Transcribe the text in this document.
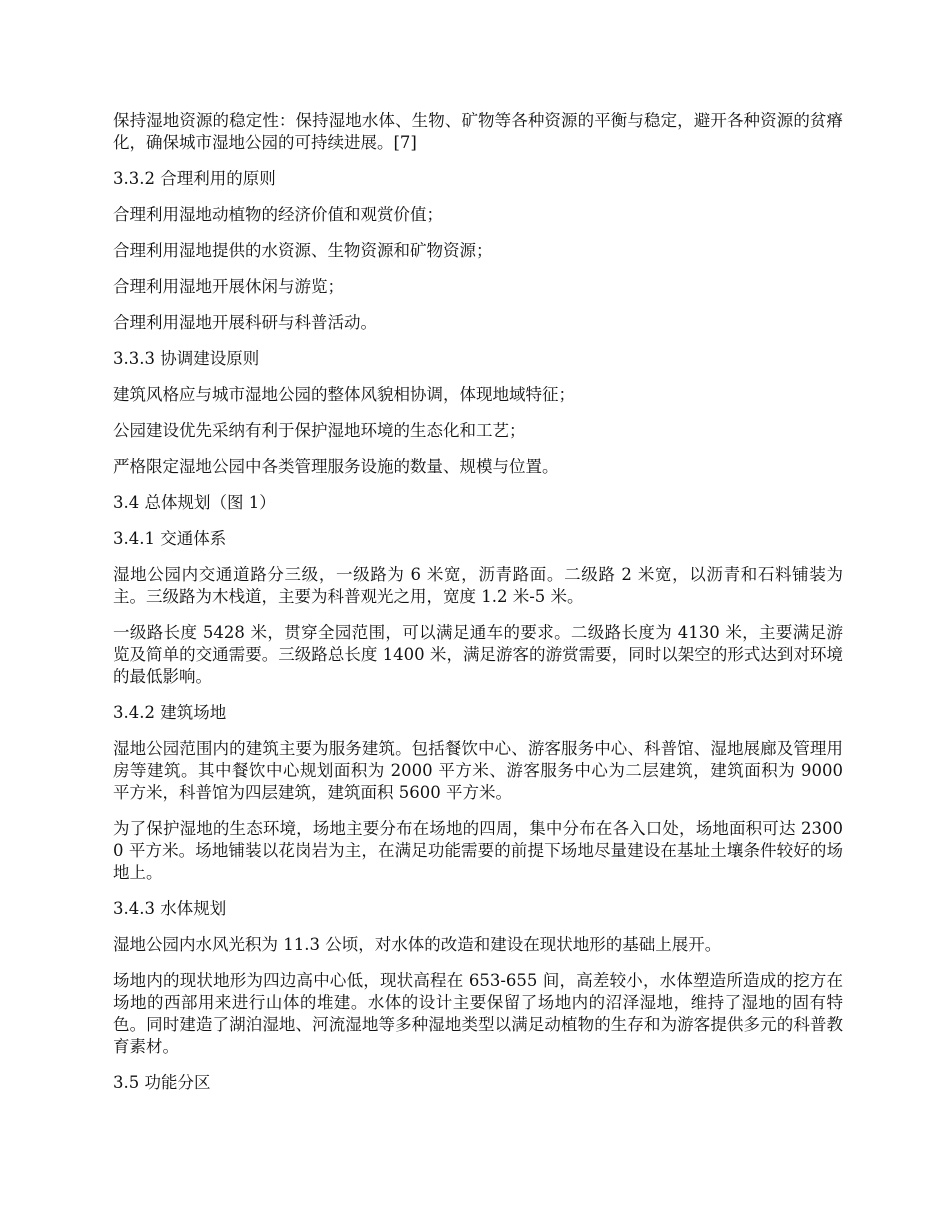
保持湿地资源的稳定性：保持湿地水体、生物、矿物等各种资源的平衡与稳定，避开各种资源的贫瘠化，确保城市湿地公园的可持续进展。[7]

3.3.2 合理利用的原则

合理利用湿地动植物的经济价值和观赏价值；

合理利用湿地提供的水资源、生物资源和矿物资源；

合理利用湿地开展休闲与游览；

合理利用湿地开展科研与科普活动。

3.3.3 协调建设原则

建筑风格应与城市湿地公园的整体风貌相协调，体现地域特征；

公园建设优先采纳有利于保护湿地环境的生态化和工艺；

严格限定湿地公园中各类管理服务设施的数量、规模与位置。

3.4 总体规划（图 1）

3.4.1 交通体系

湿地公园内交通道路分三级，一级路为 6 米宽，沥青路面。二级路 2 米宽，以沥青和石料铺装为主。三级路为木栈道，主要为科普观光之用，宽度 1.2 米-5 米。

一级路长度 5428 米，贯穿全园范围，可以满足通车的要求。二级路长度为 4130 米，主要满足游览及简单的交通需要。三级路总长度 1400 米，满足游客的游赏需要，同时以架空的形式达到对环境的最低影响。

3.4.2 建筑场地

湿地公园范围内的建筑主要为服务建筑。包括餐饮中心、游客服务中心、科普馆、湿地展廊及管理用房等建筑。其中餐饮中心规划面积为 2000 平方米、游客服务中心为二层建筑，建筑面积为 9000 平方米，科普馆为四层建筑，建筑面积 5600 平方米。

为了保护湿地的生态环境，场地主要分布在场地的四周，集中分布在各入口处，场地面积可达 23000 平方米。场地铺装以花岗岩为主，在满足功能需要的前提下场地尽量建设在基址土壤条件较好的场地上。

3.4.3 水体规划

湿地公园内水风光积为 11.3 公顷，对水体的改造和建设在现状地形的基础上展开。

场地内的现状地形为四边高中心低，现状高程在 653-655 间，高差较小，水体塑造所造成的挖方在场地的西部用来进行山体的堆建。水体的设计主要保留了场地内的沼泽湿地，维持了湿地的固有特色。同时建造了湖泊湿地、河流湿地等多种湿地类型以满足动植物的生存和为游客提供多元的科普教育素材。

3.5 功能分区
